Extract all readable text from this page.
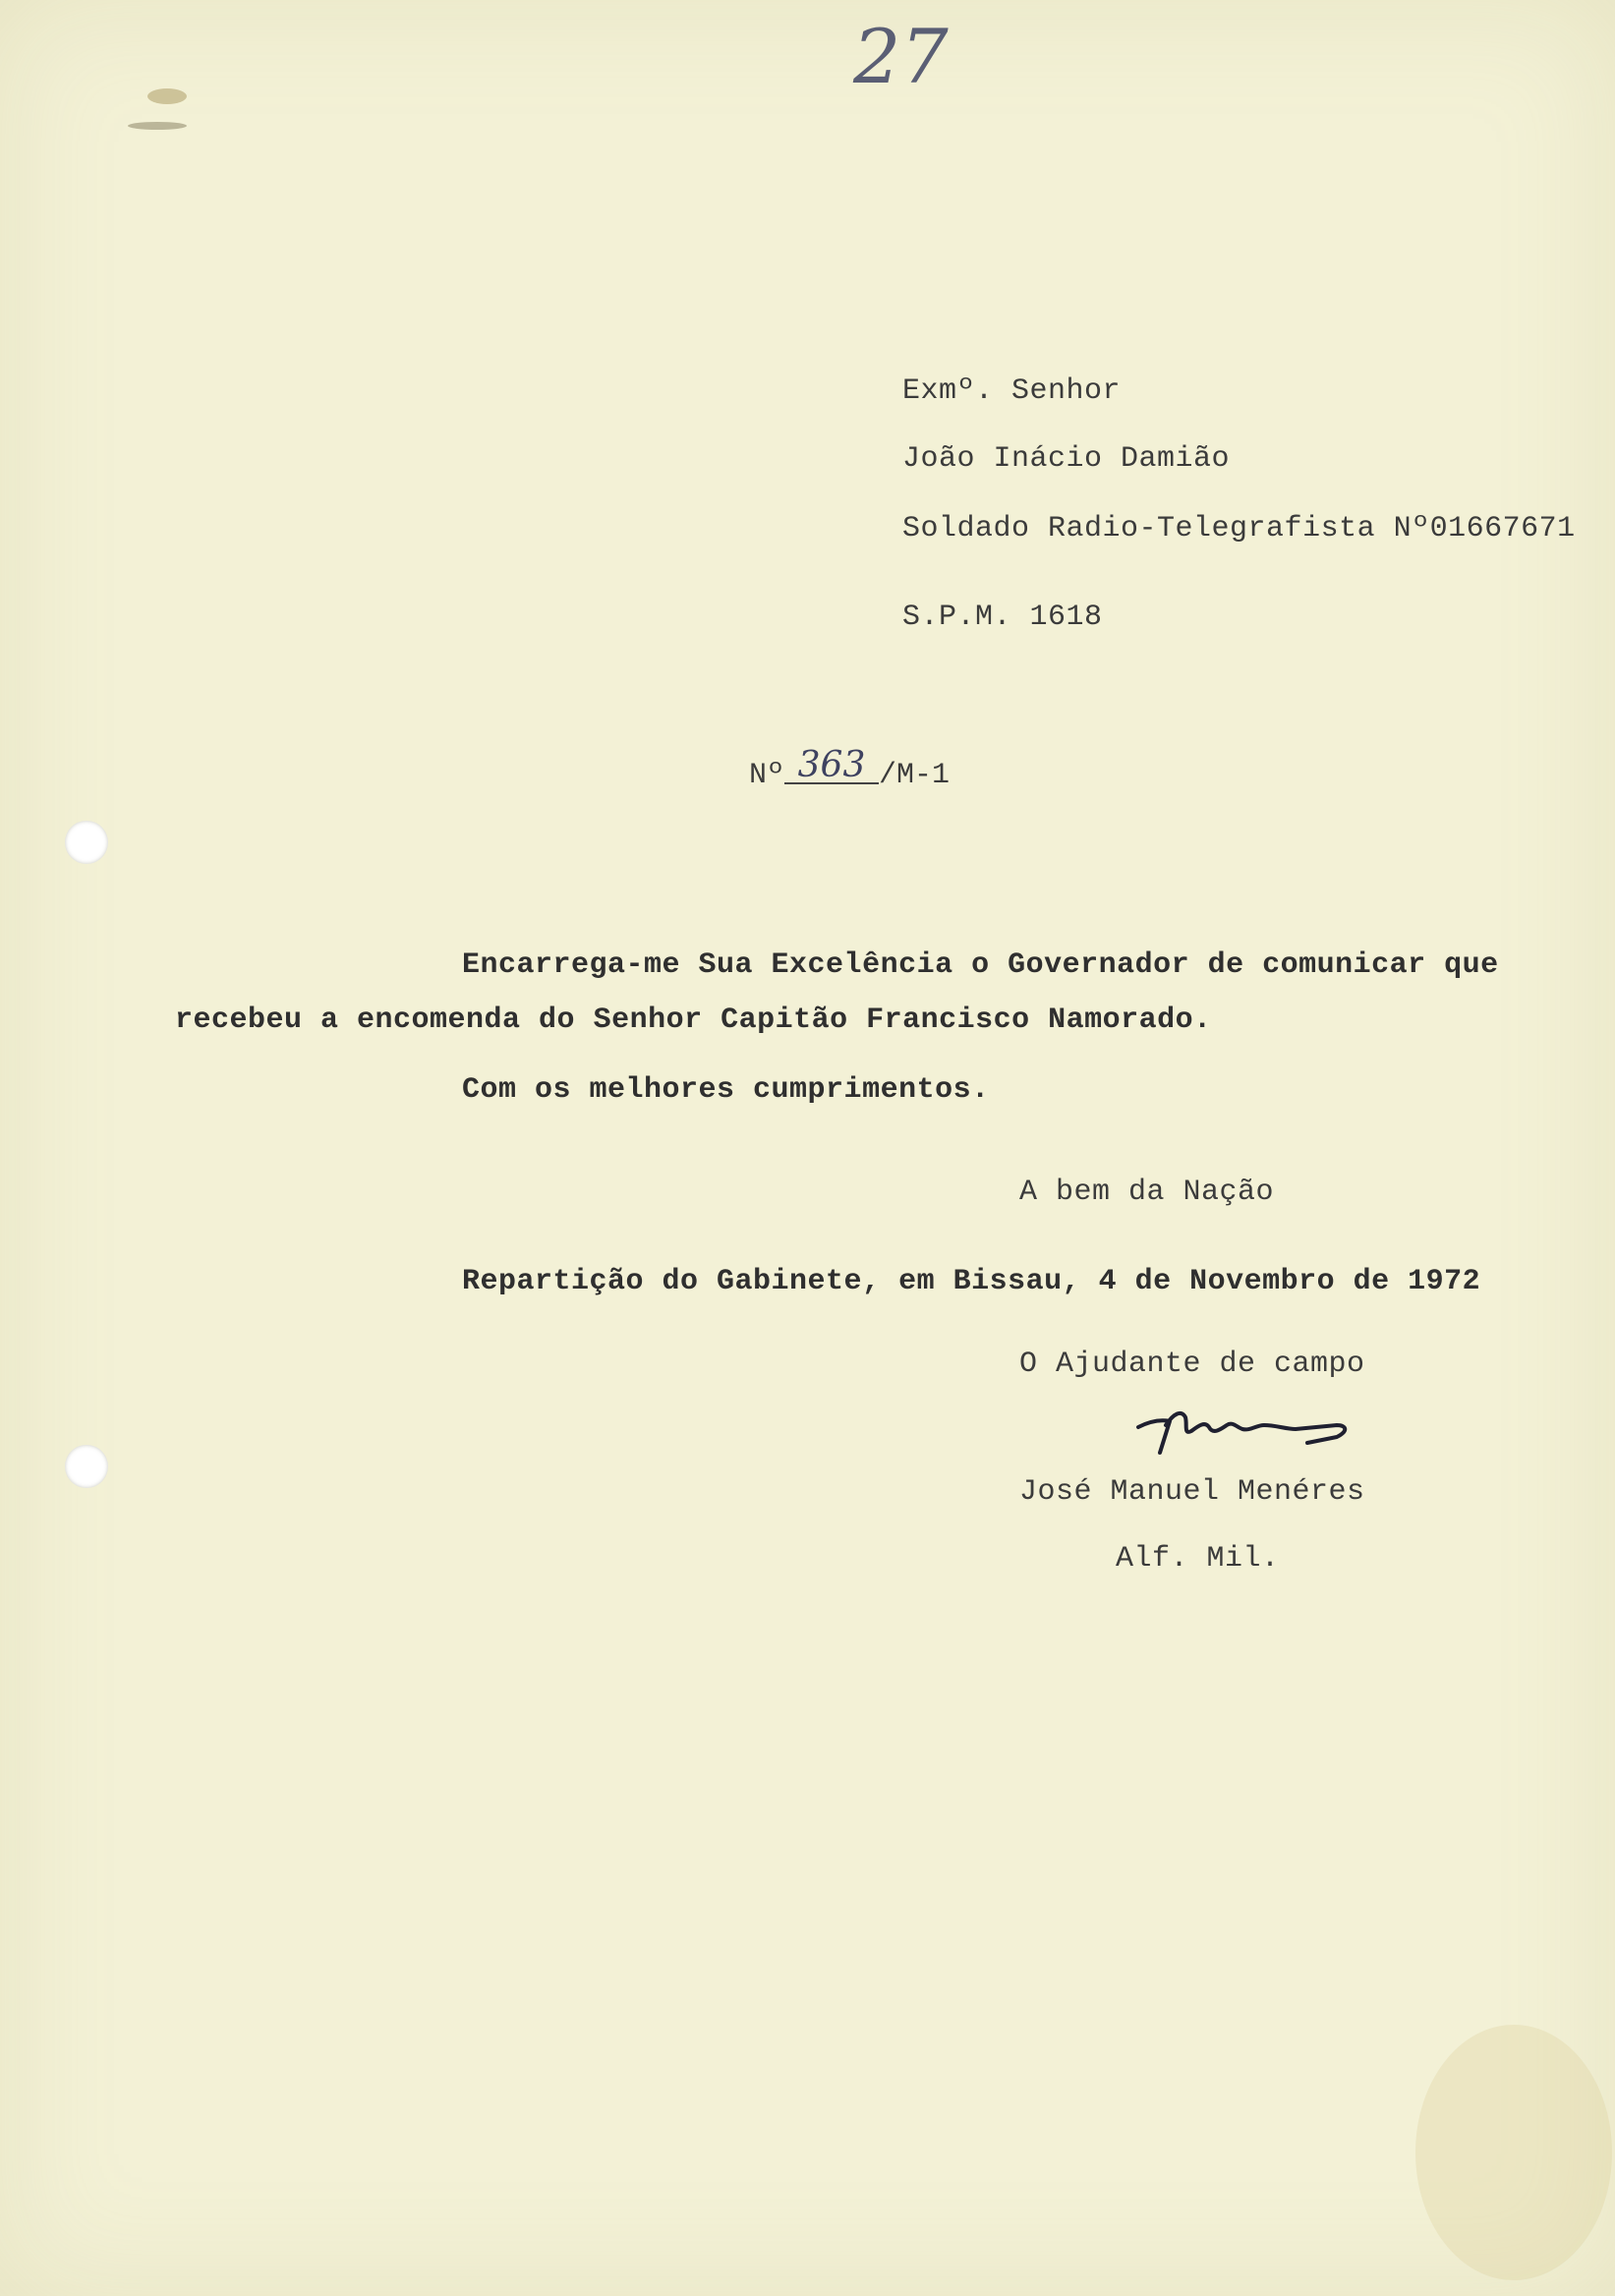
27
Exmº. Senhor
João Inácio Damião
Soldado Radio-Telegrafista Nº01667671
S.P.M. 1618
Nº 363 /M-1
Encarrega-me Sua Excelência o Governador de comunicar que
recebeu a encomenda do Senhor Capitão Francisco Namorado.
Com os melhores cumprimentos.
A bem da Nação
Repartição do Gabinete, em Bissau, 4 de Novembro de 1972
O Ajudante de campo
José Manuel Menéres
Alf. Mil.
